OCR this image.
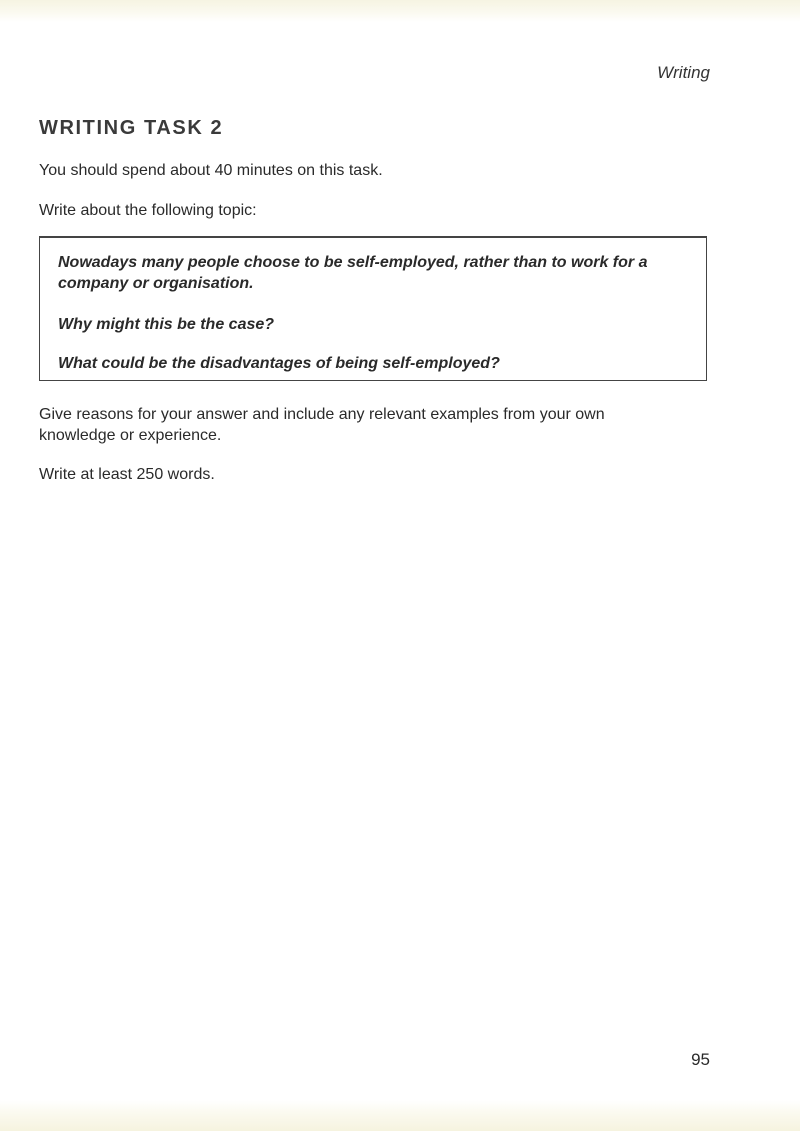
Writing
WRITING TASK 2

You should spend about 40 minutes on this task.

Write about the following topic:

Nowadays many people choose to be self-employed, rather than to work for a company or organisation.

Why might this be the case?

What could be the disadvantages of being self-employed?

Give reasons for your answer and include any relevant examples from your own knowledge or experience.

Write at least 250 words.

95
